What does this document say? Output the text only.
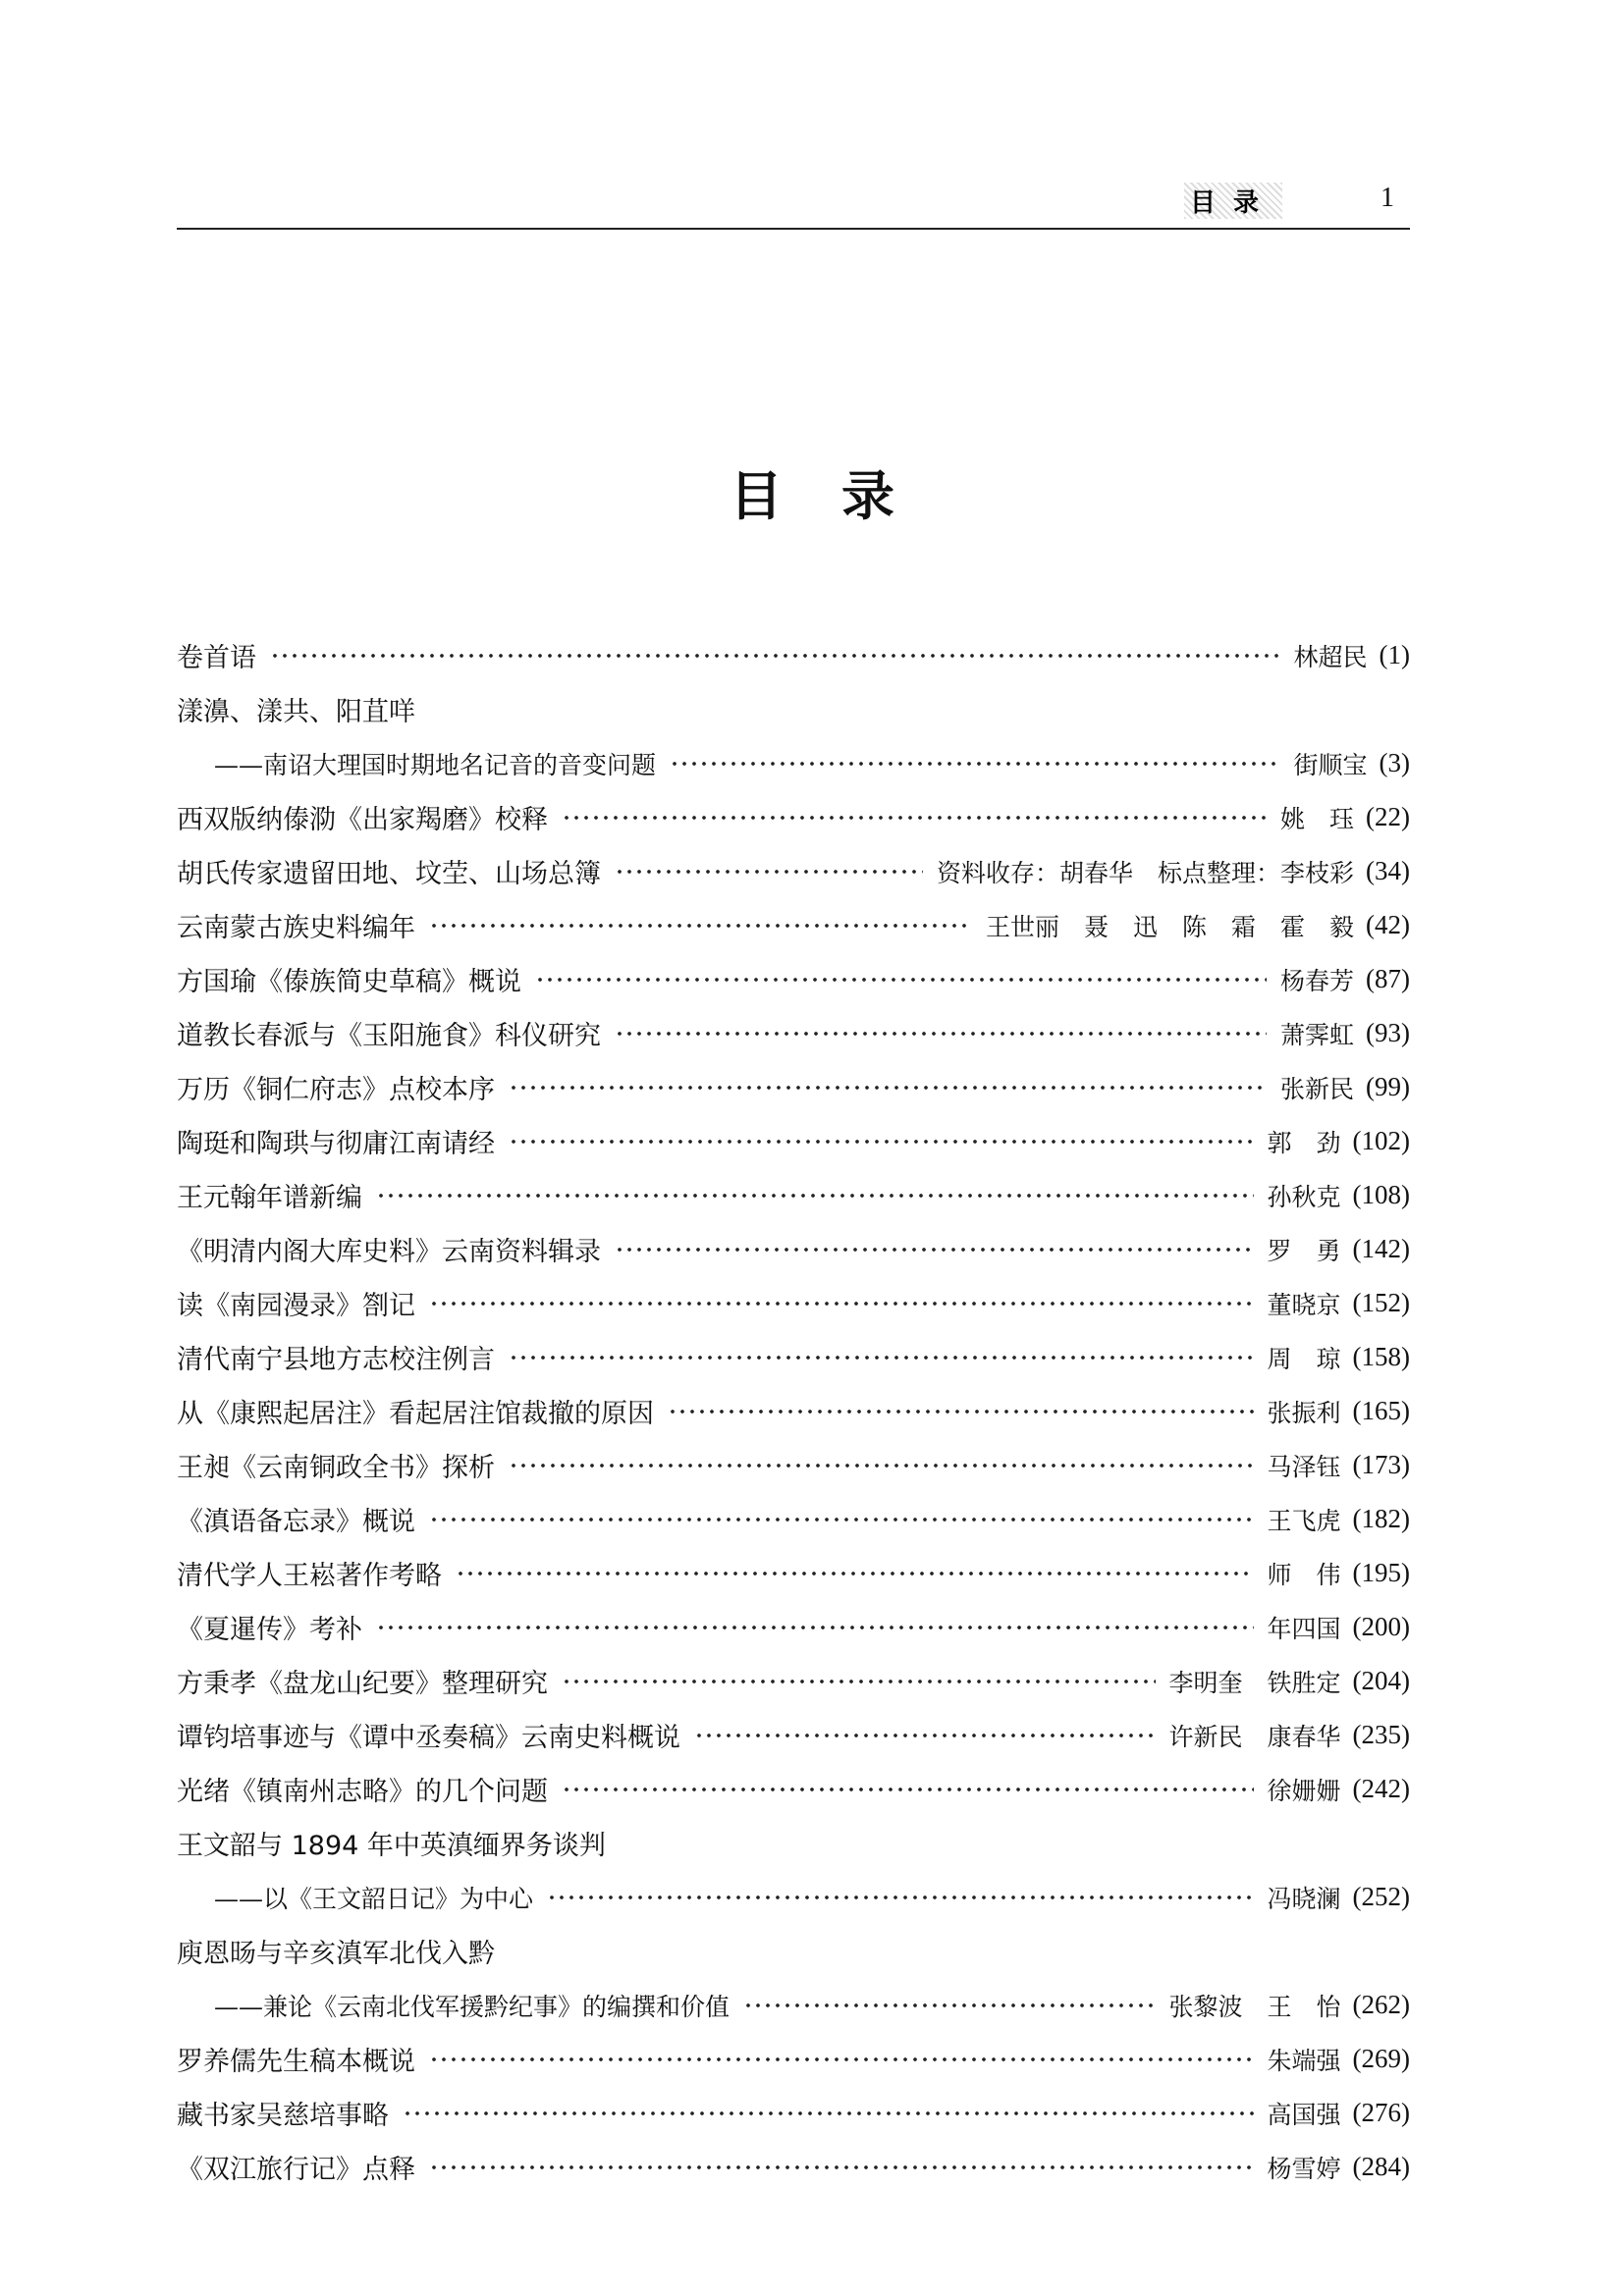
目录	1
目录
卷首语	林超民 (1)
漾濞、漾共、阳苴咩
——南诏大理国时期地名记音的音变问题	街顺宝 (3)
西双版纳傣泐《出家羯磨》校释	姚　珏 (22)
胡氏传家遗留田地、坟茔、山场总簿	资料收存：胡春华　标点整理：李枝彩 (34)
云南蒙古族史料编年	王世丽　聂　迅　陈　霜　霍　毅 (42)
方国瑜《傣族简史草稿》概说	杨春芳 (87)
道教长春派与《玉阳施食》科仪研究	萧霁虹 (93)
万历《铜仁府志》点校本序	张新民 (99)
陶珽和陶珙与彻庸江南请经	郭　劲 (102)
王元翰年谱新编	孙秋克 (108)
《明清内阁大库史料》云南资料辑录	罗　勇 (142)
读《南园漫录》劄记	董晓京 (152)
清代南宁县地方志校注例言	周　琼 (158)
从《康熙起居注》看起居注馆裁撤的原因	张振利 (165)
王昶《云南铜政全书》探析	马泽钰 (173)
《滇语备忘录》概说	王飞虎 (182)
清代学人王崧著作考略	师　伟 (195)
《夏暹传》考补	年四国 (200)
方秉孝《盘龙山纪要》整理研究	李明奎　铁胜定 (204)
谭钧培事迹与《谭中丞奏稿》云南史料概说	许新民　康春华 (235)
光绪《镇南州志略》的几个问题	徐姗姗 (242)
王文韶与 1894 年中英滇缅界务谈判
——以《王文韶日记》为中心	冯晓澜 (252)
庾恩旸与辛亥滇军北伐入黔
——兼论《云南北伐军援黔纪事》的编撰和价值	张黎波　王　怡 (262)
罗养儒先生稿本概说	朱端强 (269)
藏书家吴慈培事略	高国强 (276)
《双江旅行记》点释	杨雪婷 (284)
